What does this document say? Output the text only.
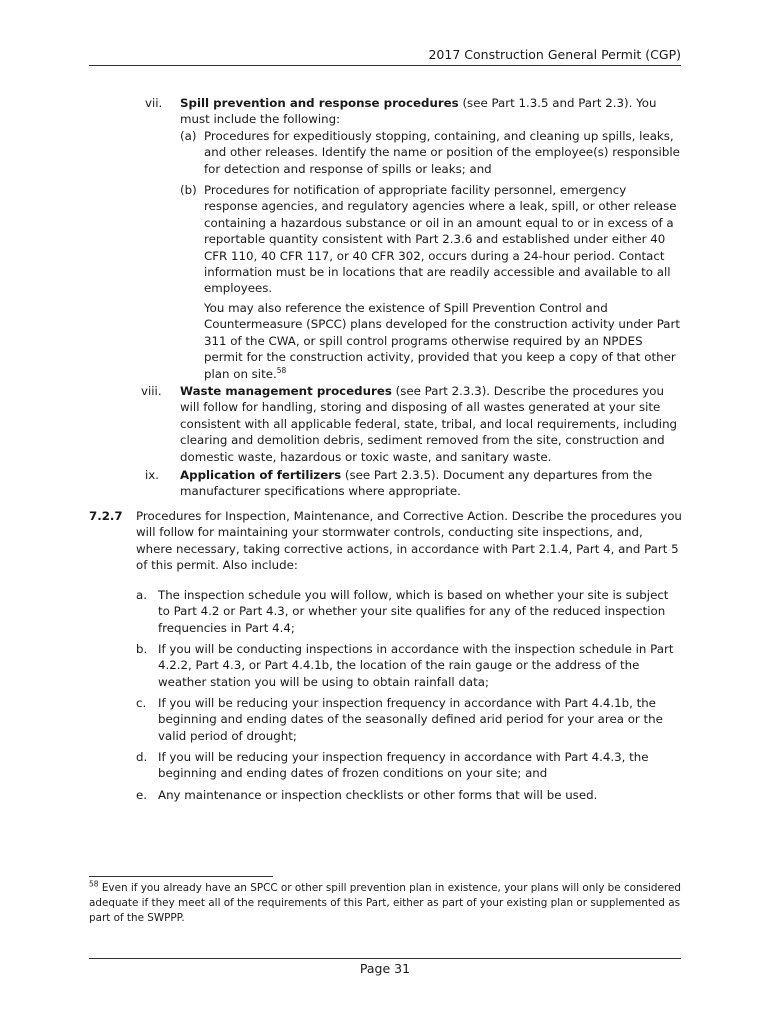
2017 Construction General Permit (CGP)
vii. Spill prevention and response procedures (see Part 1.3.5 and Part 2.3). You must include the following:
(a) Procedures for expeditiously stopping, containing, and cleaning up spills, leaks, and other releases. Identify the name or position of the employee(s) responsible for detection and response of spills or leaks; and
(b) Procedures for notification of appropriate facility personnel, emergency response agencies, and regulatory agencies where a leak, spill, or other release containing a hazardous substance or oil in an amount equal to or in excess of a reportable quantity consistent with Part 2.3.6 and established under either 40 CFR 110, 40 CFR 117, or 40 CFR 302, occurs during a 24-hour period. Contact information must be in locations that are readily accessible and available to all employees.
You may also reference the existence of Spill Prevention Control and Countermeasure (SPCC) plans developed for the construction activity under Part 311 of the CWA, or spill control programs otherwise required by an NPDES permit for the construction activity, provided that you keep a copy of that other plan on site.$^{58}$
viii. Waste management procedures (see Part 2.3.3). Describe the procedures you will follow for handling, storing and disposing of all wastes generated at your site consistent with all applicable federal, state, tribal, and local requirements, including clearing and demolition debris, sediment removed from the site, construction and domestic waste, hazardous or toxic waste, and sanitary waste.
ix. Application of fertilizers (see Part 2.3.5). Document any departures from the manufacturer specifications where appropriate.
7.2.7 Procedures for Inspection, Maintenance, and Corrective Action. Describe the procedures you will follow for maintaining your stormwater controls, conducting site inspections, and, where necessary, taking corrective actions, in accordance with Part 2.1.4, Part 4, and Part 5 of this permit. Also include:
a. The inspection schedule you will follow, which is based on whether your site is subject to Part 4.2 or Part 4.3, or whether your site qualifies for any of the reduced inspection frequencies in Part 4.4;
b. If you will be conducting inspections in accordance with the inspection schedule in Part 4.2.2, Part 4.3, or Part 4.4.1b, the location of the rain gauge or the address of the weather station you will be using to obtain rainfall data;
c. If you will be reducing your inspection frequency in accordance with Part 4.4.1b, the beginning and ending dates of the seasonally defined arid period for your area or the valid period of drought;
d. If you will be reducing your inspection frequency in accordance with Part 4.4.3, the beginning and ending dates of frozen conditions on your site; and
e. Any maintenance or inspection checklists or other forms that will be used.
$^{58}$ Even if you already have an SPCC or other spill prevention plan in existence, your plans will only be considered adequate if they meet all of the requirements of this Part, either as part of your existing plan or supplemented as part of the SWPPP.
Page 31
